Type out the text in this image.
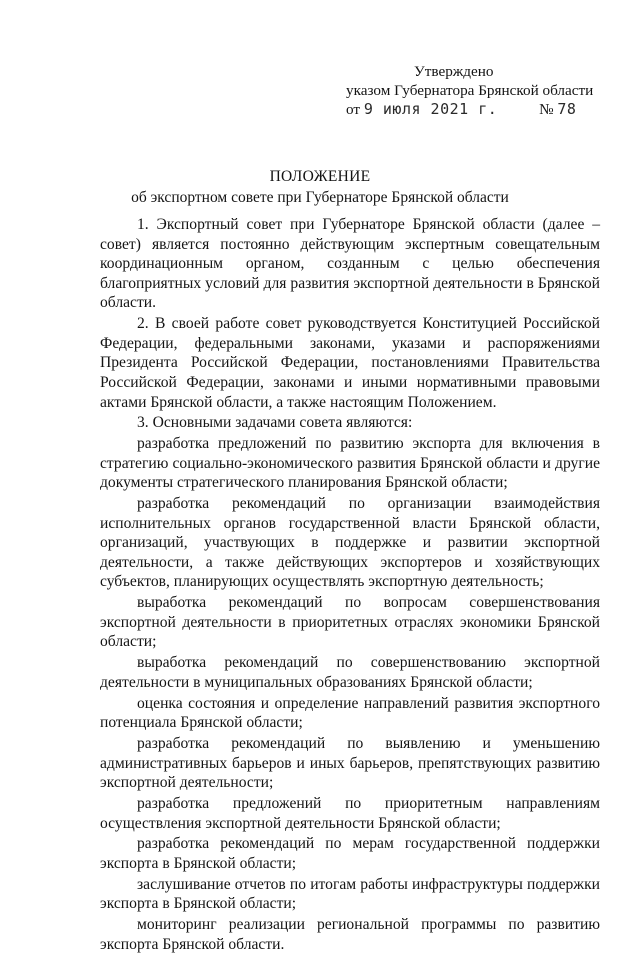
Утверждено
указом Губернатора Брянской области
от 9 июля 2021 г.	№ 78
ПОЛОЖЕНИЕ
об экспортном совете при Губернаторе Брянской области

1. Экспортный совет при Губернаторе Брянской области (далее – совет) является постоянно действующим экспертным совещательным координационным органом, созданным с целью обеспечения благоприятных условий для развития экспортной деятельности в Брянской области.

2. В своей работе совет руководствуется Конституцией Российской Федерации, федеральными законами, указами и распоряжениями Президента Российской Федерации, постановлениями Правительства Российской Федерации, законами и иными нормативными правовыми актами Брянской области, а также настоящим Положением.

3. Основными задачами совета являются:

разработка предложений по развитию экспорта для включения в стратегию социально-экономического развития Брянской области и другие документы стратегического планирования Брянской области;

разработка рекомендаций по организации взаимодействия исполнительных органов государственной власти Брянской области, организаций, участвующих в поддержке и развитии экспортной деятельности, а также действующих экспортеров и хозяйствующих субъектов, планирующих осуществлять экспортную деятельность;

выработка рекомендаций по вопросам совершенствования экспортной деятельности в приоритетных отраслях экономики Брянской области;

выработка рекомендаций по совершенствованию экспортной деятельности в муниципальных образованиях Брянской области;

оценка состояния и определение направлений развития экспортного потенциала Брянской области;

разработка рекомендаций по выявлению и уменьшению административных барьеров и иных барьеров, препятствующих развитию экспортной деятельности;

разработка предложений по приоритетным направлениям осуществления экспортной деятельности Брянской области;

разработка рекомендаций по мерам государственной поддержки экспорта в Брянской области;

заслушивание отчетов по итогам работы инфраструктуры поддержки экспорта в Брянской области;

мониторинг реализации региональной программы по развитию экспорта Брянской области.
